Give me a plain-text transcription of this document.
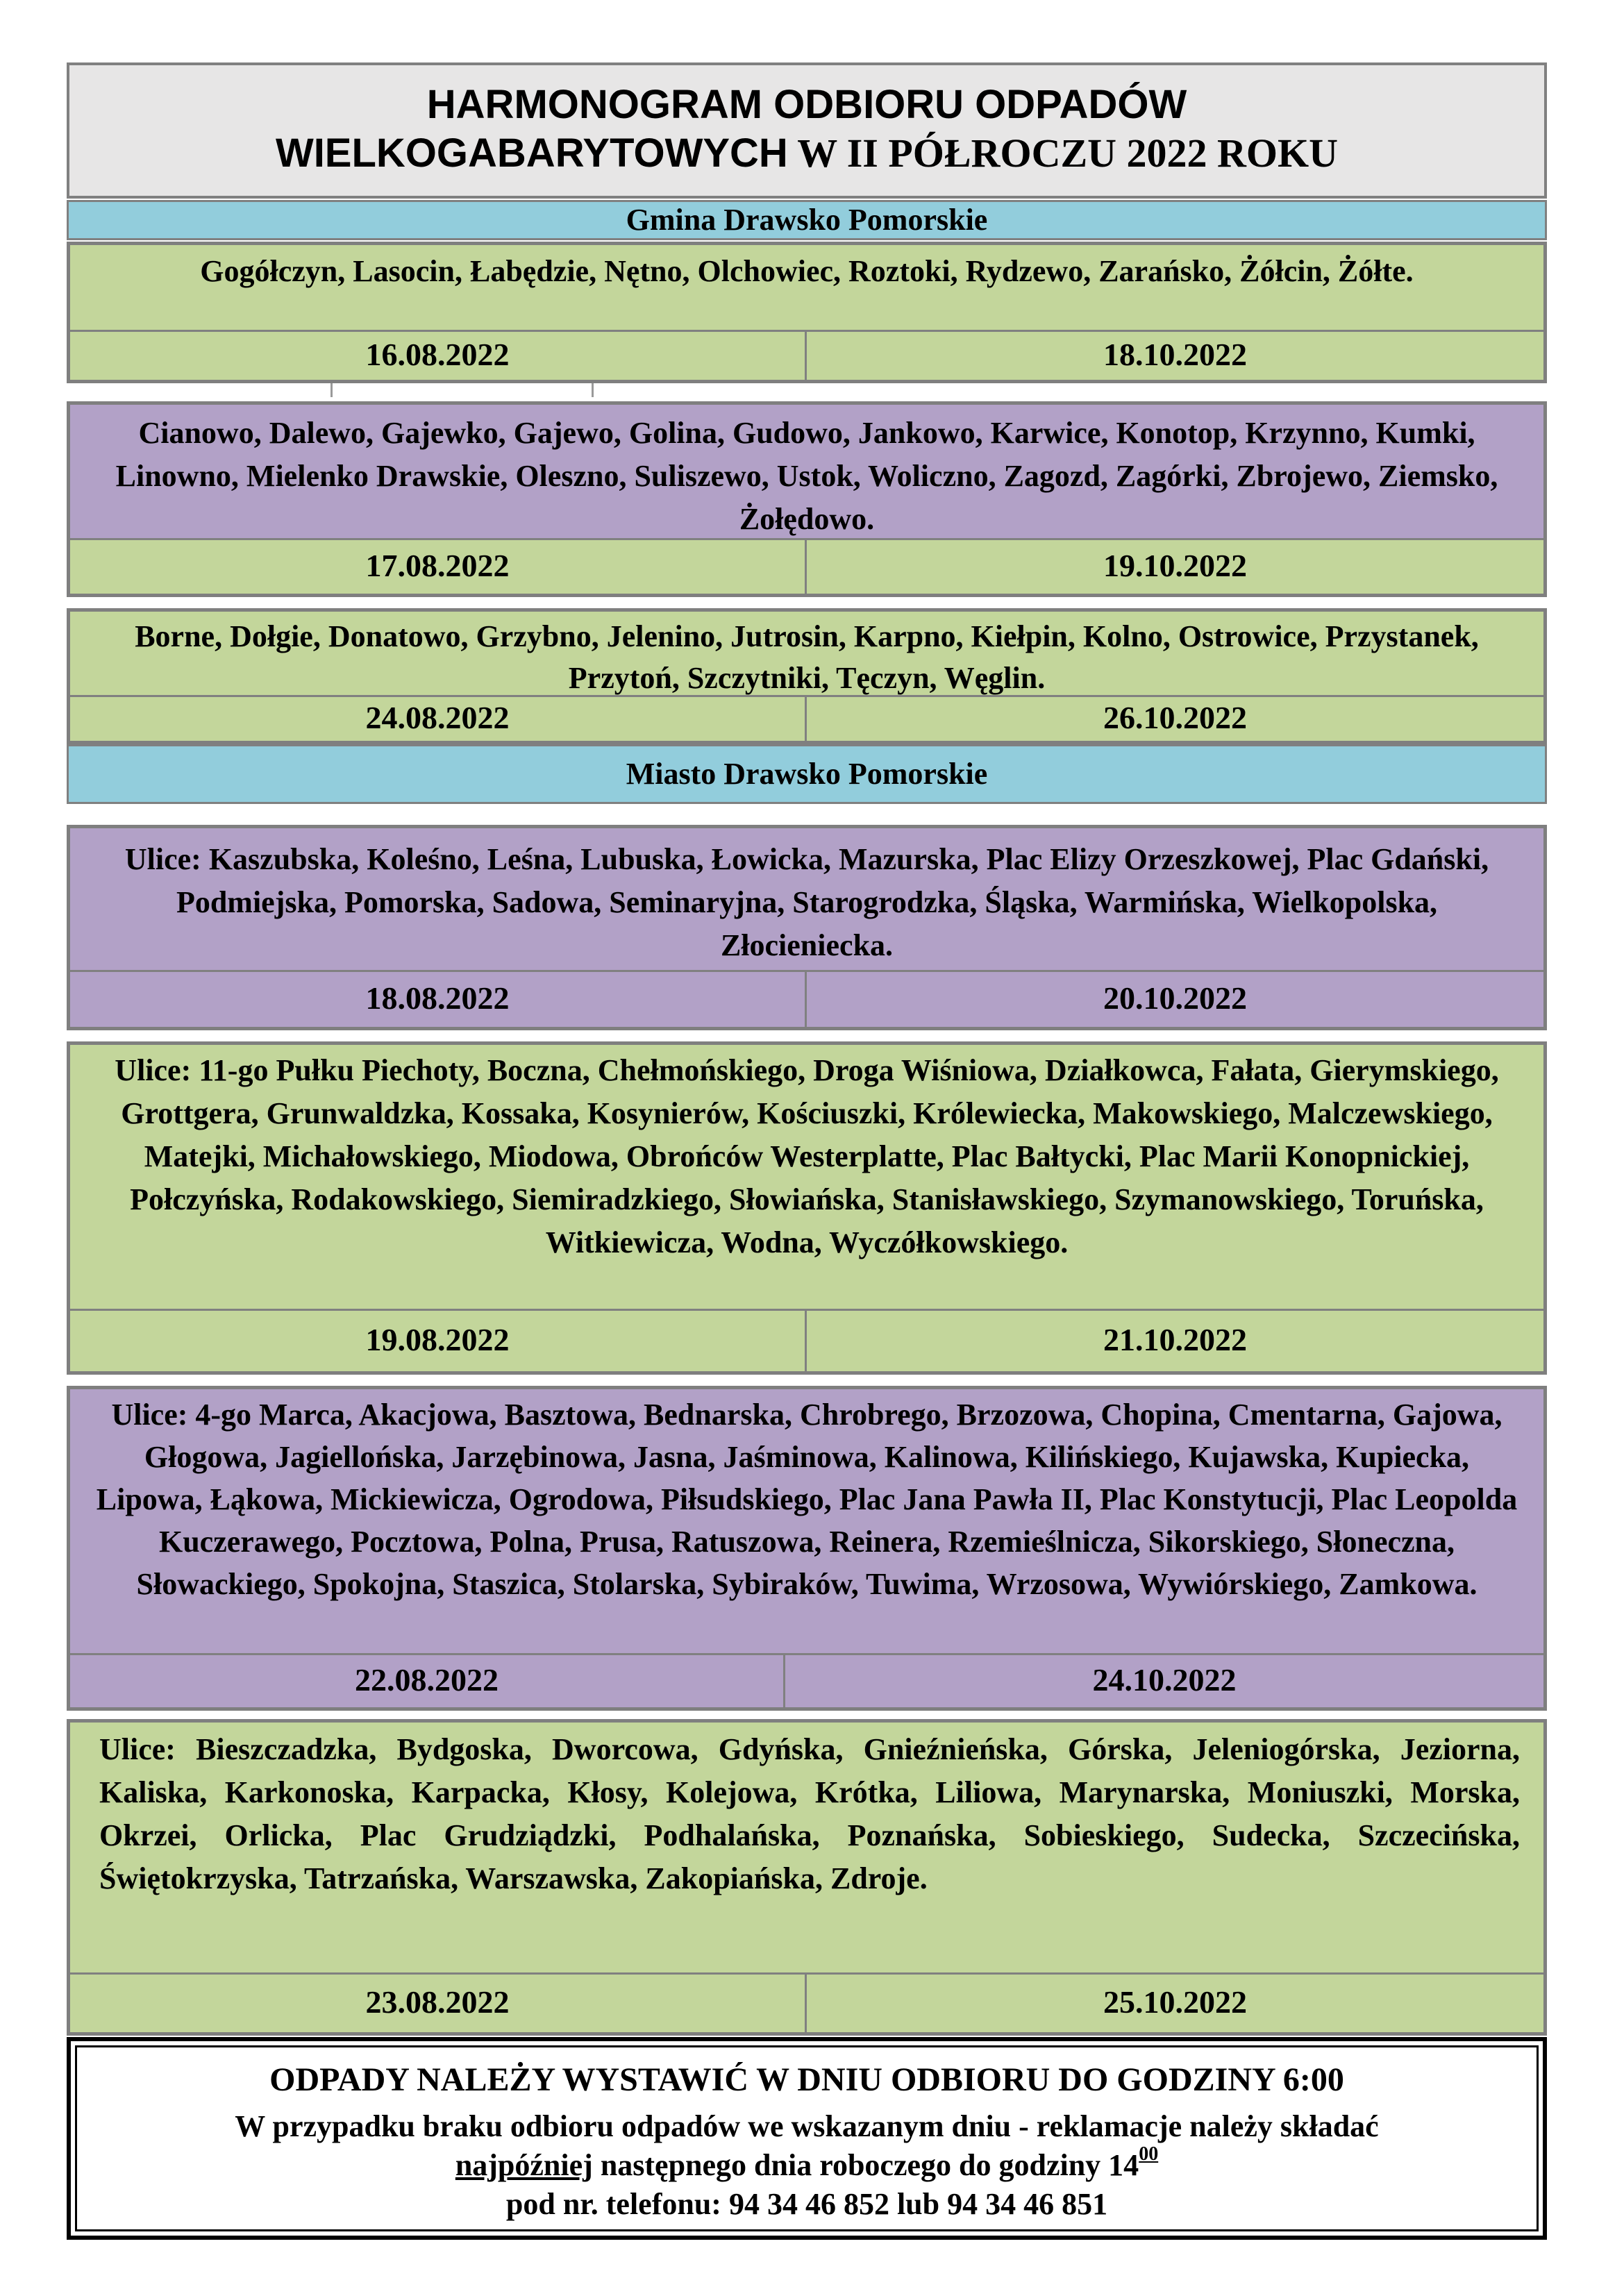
HARMONOGRAM ODBIORU ODPADÓW
WIELKOGABARYTOWYCH W II PÓŁROCZU 2022 ROKU
Gmina Drawsko Pomorskie
Gogółczyn, Lasocin, Łabędzie, Nętno, Olchowiec, Roztoki, Rydzewo, Zarańsko, Żółcin, Żółte.
16.08.2022	18.10.2022
Cianowo, Dalewo, Gajewko, Gajewo, Golina, Gudowo, Jankowo, Karwice, Konotop, Krzynno, Kumki, Linowno, Mielenko Drawskie, Oleszno, Suliszewo, Ustok, Woliczno, Zagozd, Zagórki, Zbrojewo, Ziemsko, Żołędowo.
17.08.2022	19.10.2022
Borne, Dołgie, Donatowo, Grzybno, Jelenino, Jutrosin, Karpno, Kiełpin, Kolno, Ostrowice, Przystanek, Przytoń, Szczytniki, Tęczyn, Węglin.
24.08.2022	26.10.2022
Miasto Drawsko Pomorskie
Ulice: Kaszubska, Koleśno, Leśna, Lubuska, Łowicka, Mazurska, Plac Elizy Orzeszkowej, Plac Gdański, Podmiejska, Pomorska, Sadowa, Seminaryjna, Starogrodzka, Śląska, Warmińska, Wielkopolska, Złocieniecka.
18.08.2022	20.10.2022
Ulice: 11-go Pułku Piechoty, Boczna, Chełmońskiego, Droga Wiśniowa, Działkowca, Fałata, Gierymskiego, Grottgera, Grunwaldzka, Kossaka, Kosynierów, Kościuszki, Królewiecka, Makowskiego, Malczewskiego, Matejki, Michałowskiego, Miodowa, Obrońców Westerplatte, Plac Bałtycki, Plac Marii Konopnickiej, Połczyńska, Rodakowskiego, Siemiradzkiego, Słowiańska, Stanisławskiego, Szymanowskiego, Toruńska, Witkiewicza, Wodna, Wyczółkowskiego.
19.08.2022	21.10.2022
Ulice: 4-go Marca, Akacjowa, Basztowa, Bednarska, Chrobrego, Brzozowa, Chopina, Cmentarna, Gajowa, Głogowa, Jagiellońska, Jarzębinowa, Jasna, Jaśminowa, Kalinowa, Kilińskiego, Kujawska, Kupiecka, Lipowa, Łąkowa, Mickiewicza, Ogrodowa, Piłsudskiego, Plac Jana Pawła II, Plac Konstytucji, Plac Leopolda Kuczerawego, Pocztowa, Polna, Prusa, Ratuszowa, Reinera, Rzemieślnicza, Sikorskiego, Słoneczna, Słowackiego, Spokojna, Staszica, Stolarska, Sybiraków, Tuwima, Wrzosowa, Wywiórskiego, Zamkowa.
22.08.2022	24.10.2022
Ulice: Bieszczadzka, Bydgoska, Dworcowa, Gdyńska, Gnieźnieńska, Górska, Jeleniogórska, Jeziorna, Kaliska, Karkonoska, Karpacka, Kłosy, Kolejowa, Krótka, Liliowa, Marynarska, Moniuszki, Morska, Okrzei, Orlicka, Plac Grudziądzki, Podhalańska, Poznańska, Sobieskiego, Sudecka, Szczecińska, Świętokrzyska, Tatrzańska, Warszawska, Zakopiańska, Zdroje.
23.08.2022	25.10.2022
ODPADY NALEŻY WYSTAWIĆ W DNIU ODBIORU DO GODZINY 6:00
W przypadku braku odbioru odpadów we wskazanym dniu - reklamacje należy składać
najpóźniej następnego dnia roboczego do godziny $14^{00}$
pod nr. telefonu: 94 34 46 852 lub 94 34 46 851
